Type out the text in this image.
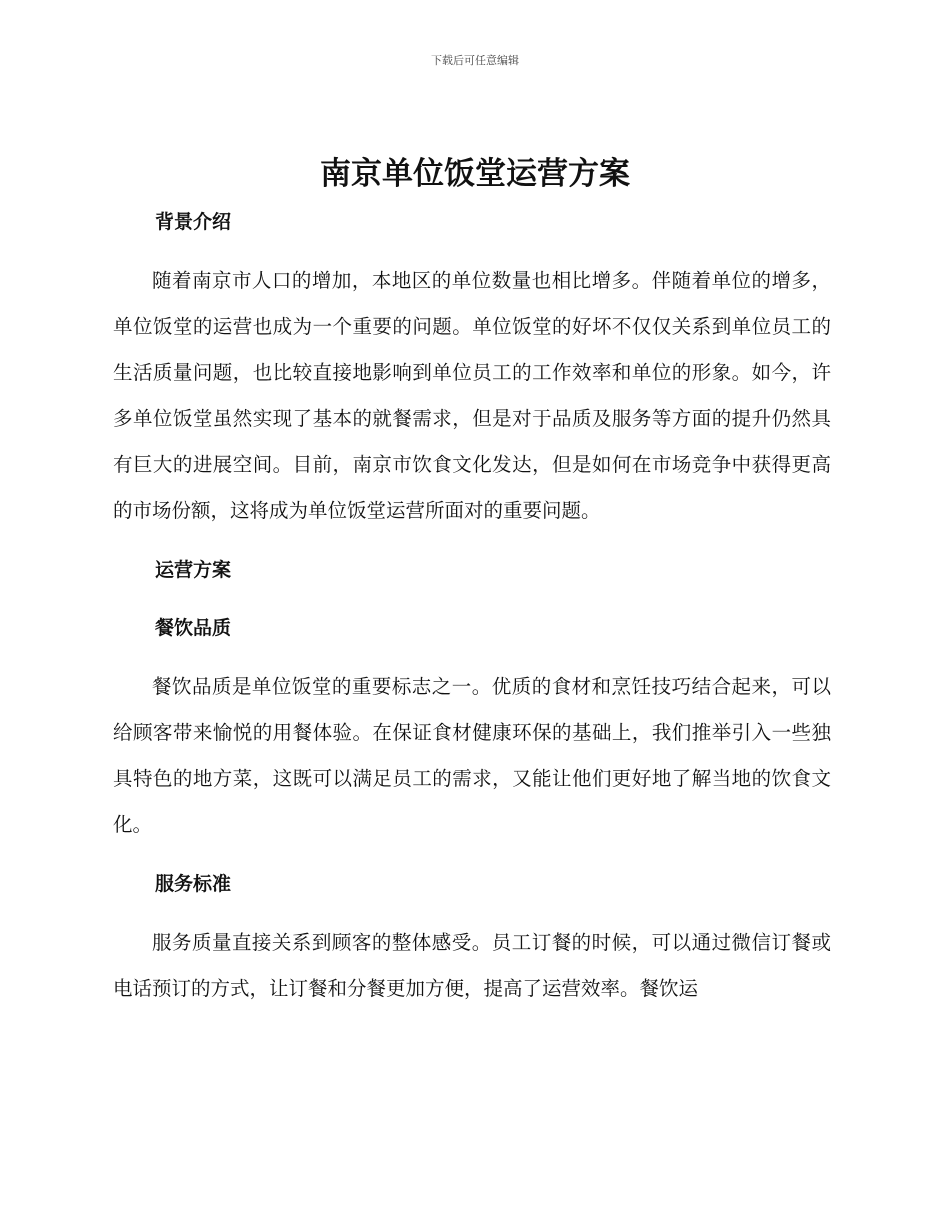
下载后可任意编辑
南京单位饭堂运营方案
背景介绍

随着南京市人口的增加，本地区的单位数量也相比增多。伴随着单位的增多，单位饭堂的运营也成为一个重要的问题。单位饭堂的好坏不仅仅关系到单位员工的生活质量问题，也比较直接地影响到单位员工的工作效率和单位的形象。如今，许多单位饭堂虽然实现了基本的就餐需求，但是对于品质及服务等方面的提升仍然具有巨大的进展空间。目前，南京市饮食文化发达，但是如何在市场竞争中获得更高的市场份额，这将成为单位饭堂运营所面对的重要问题。

运营方案
餐饮品质

餐饮品质是单位饭堂的重要标志之一。优质的食材和烹饪技巧结合起来，可以给顾客带来愉悦的用餐体验。在保证食材健康环保的基础上，我们推举引入一些独具特色的地方菜，这既可以满足员工的需求，又能让他们更好地了解当地的饮食文化。

服务标准

服务质量直接关系到顾客的整体感受。员工订餐的时候，可以通过微信订餐或电话预订的方式，让订餐和分餐更加方便，提高了运营效率。餐饮运
